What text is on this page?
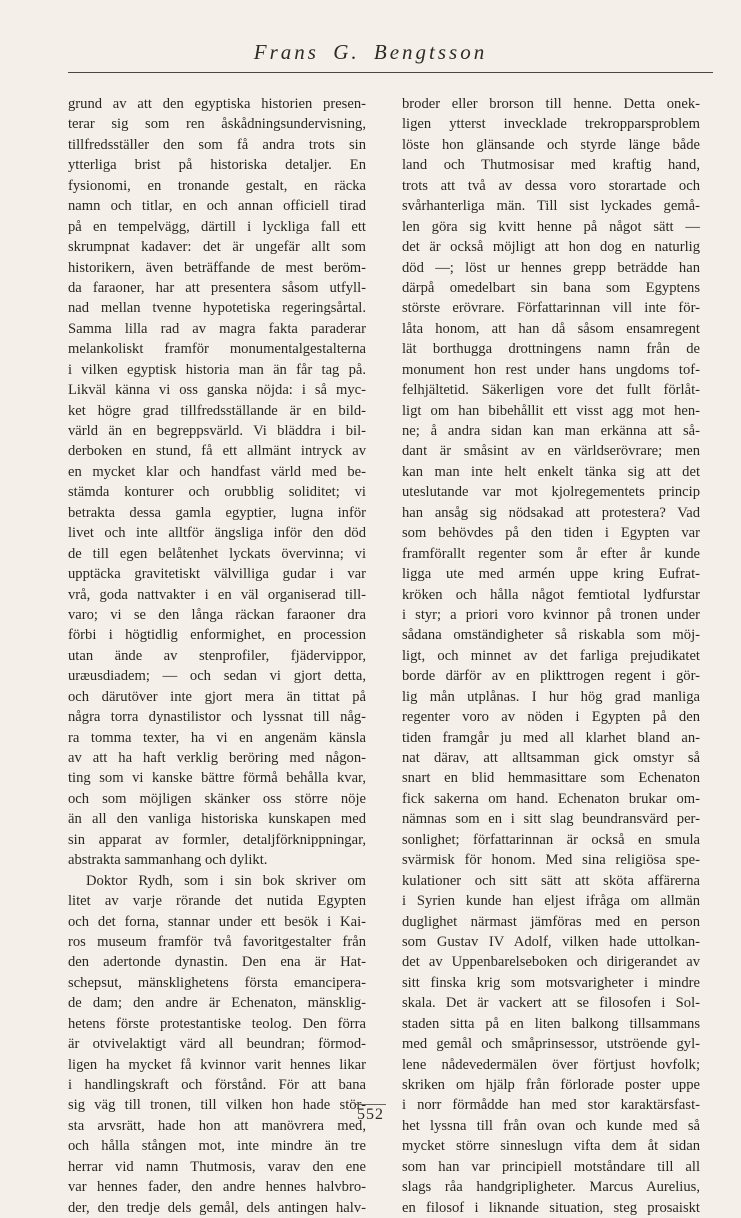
Frans G. Bengtsson
grund av att den egyptiska historien presen-
terar sig som ren åskådningsundervisning,
tillfredsställer den som få andra trots sin
ytterliga brist på historiska detaljer. En
fysionomi, en tronande gestalt, en räcka
namn och titlar, en och annan officiell tirad
på en tempelvägg, därtill i lyckliga fall ett
skrumpnat kadaver: det är ungefär allt som
historikern, även beträffande de mest beröm-
da faraoner, har att presentera såsom utfyll-
nad mellan tvenne hypotetiska regeringsårtal.
Samma lilla rad av magra fakta paraderar
melankoliskt framför monumentalgestalterna
i vilken egyptisk historia man än får tag på.
Likväl känna vi oss ganska nöjda: i så myc-
ket högre grad tillfredsställande är en bild-
värld än en begreppsvärld. Vi bläddra i bil-
derboken en stund, få ett allmänt intryck av
en mycket klar och handfast värld med be-
stämda konturer och orubblig soliditet; vi
betrakta dessa gamla egyptier, lugna inför
livet och inte alltför ängsliga inför den död
de till egen belåtenhet lyckats övervinna; vi
upptäcka gravitetiskt välvilliga gudar i var
vrå, goda nattvakter i en väl organiserad till-
varo; vi se den långa räckan faraoner dra
förbi i högtidlig enformighet, en procession
utan ände av stenprofiler, fjädervippor,
uræusdiadem; — och sedan vi gjort detta,
och därutöver inte gjort mera än tittat på
några torra dynastilistor och lyssnat till någ-
ra tomma texter, ha vi en angenäm känsla
av att ha haft verklig beröring med någon-
ting som vi kanske bättre förmå behålla kvar,
och som möjligen skänker oss större nöje
än all den vanliga historiska kunskapen med
sin apparat av formler, detaljförknippningar,
abstrakta sammanhang och dylikt.
Doktor Rydh, som i sin bok skriver om
litet av varje rörande det nutida Egypten
och det forna, stannar under ett besök i Kai-
ros museum framför två favoritgestalter från
den adertonde dynastin. Den ena är Hat-
schepsut, mänsklighetens första emancipera-
de dam; den andre är Echenaton, mänsklig-
hetens förste protestantiske teolog. Den förra
är otvivelaktigt värd all beundran; förmod-
ligen ha mycket få kvinnor varit hennes likar
i handlingskraft och förstånd. För att bana
sig väg till tronen, till vilken hon hade stör-
sta arvsrätt, hade hon att manövrera med,
och hålla stången mot, inte mindre än tre
herrar vid namn Thutmosis, varav den ene
var hennes fader, den andre hennes halvbro-
der, den tredje dels gemål, dels antingen halv-
broder eller brorson till henne. Detta onek-
ligen ytterst invecklade trekropparsproblem
löste hon glänsande och styrde länge både
land och Thutmosisar med kraftig hand,
trots att två av dessa voro storartade och
svårhanterliga män. Till sist lyckades gemå-
len göra sig kvitt henne på något sätt —
det är också möjligt att hon dog en naturlig
död —; löst ur hennes grepp beträdde han
därpå omedelbart sin bana som Egyptens
störste erövrare. Författarinnan vill inte för-
låta honom, att han då såsom ensamregent
lät borthugga drottningens namn från de
monument hon rest under hans ungdoms tof-
felhjältetid. Säkerligen vore det fullt förlåt-
ligt om han bibehållit ett visst agg mot hen-
ne; å andra sidan kan man erkänna att så-
dant är småsint av en världserövrare; men
kan man inte helt enkelt tänka sig att det
uteslutande var mot kjolregementets princip
han ansåg sig nödsakad att protestera? Vad
som behövdes på den tiden i Egypten var
framförallt regenter som år efter år kunde
ligga ute med armén uppe kring Eufrat-
kröken och hålla något femtiotal lydfurstar
i styr; a priori voro kvinnor på tronen under
sådana omständigheter så riskabla som möj-
ligt, och minnet av det farliga prejudikatet
borde därför av en plikttrogen regent i gör-
lig mån utplånas. I hur hög grad manliga
regenter voro av nöden i Egypten på den
tiden framgår ju med all klarhet bland an-
nat därav, att alltsamman gick omstyr så
snart en blid hemmasittare som Echenaton
fick sakerna om hand. Echenaton brukar om-
nämnas som en i sitt slag beundransvärd per-
sonlighet; författarinnan är också en smula
svärmisk för honom. Med sina religiösa spe-
kulationer och sitt sätt att sköta affärerna
i Syrien kunde han eljest ifråga om allmän
duglighet närmast jämföras med en person
som Gustav IV Adolf, vilken hade uttolkan-
det av Uppenbarelseboken och dirigerandet av
sitt finska krig som motsvarigheter i mindre
skala. Det är vackert att se filosofen i Sol-
staden sitta på en liten balkong tillsammans
med gemål och småprinsessor, utströende gyl-
lene nådevedermälen över förtjust hovfolk;
skriken om hjälp från förlorade poster uppe
i norr förmådde han med stor karaktärsfast-
het lyssna till från ovan och kunde med så
mycket större sinneslugn vifta dem åt sidan
som han var principiell motståndare till all
slags råa handgripligheter. Marcus Aurelius,
en filosof i liknande situation, steg prosaiskt
552
